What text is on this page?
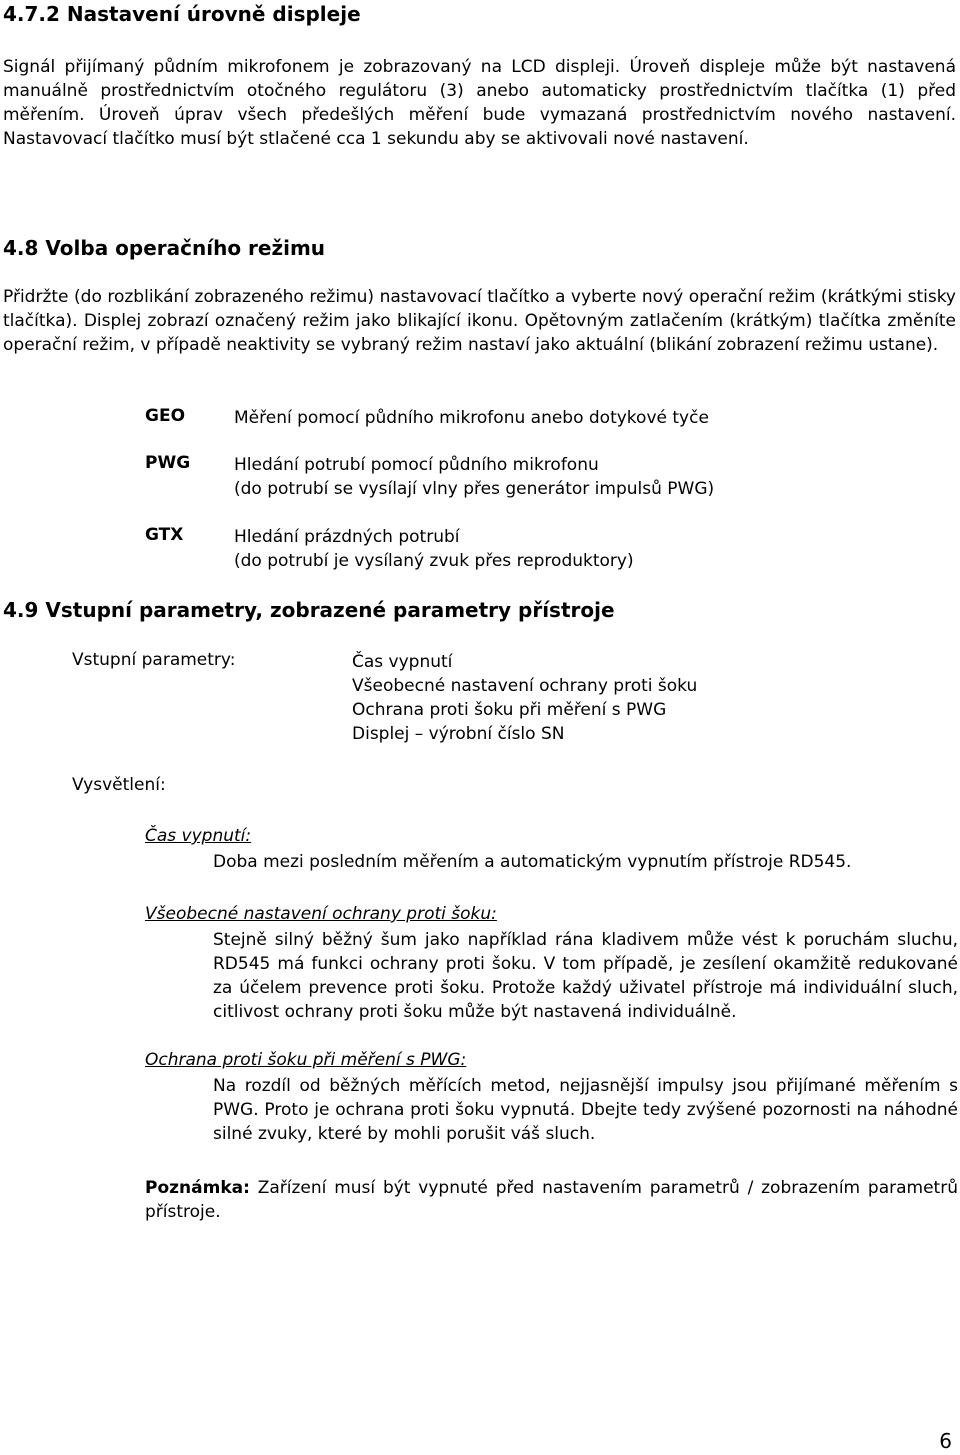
4.7.2 Nastavení úrovně displeje

Signál přijímaný půdním mikrofonem je zobrazovaný na LCD displeji. Úroveň displeje může být nastavená manuálně prostřednictvím otočného regulátoru (3) anebo automaticky prostřednictvím tlačítka (1) před měřením. Úroveň úprav všech předešlých měření bude vymazaná prostřednictvím nového nastavení. Nastavovací tlačítko musí být stlačené cca 1 sekundu aby se aktivovali nové nastavení.

4.8 Volba operačního režimu

Přidržte (do rozblikání zobrazeného režimu) nastavovací tlačítko a vyberte nový operační režim (krátkými stisky tlačítka). Displej zobrazí označený režim jako blikající ikonu. Opětovným zatlačením (krátkým) tlačítka změníte operační režim, v případě neaktivity se vybraný režim nastaví jako aktuální (blikání zobrazení režimu ustane).

GEO	Měření pomocí půdního mikrofonu anebo dotykové tyče
PWG	Hledání potrubí pomocí půdního mikrofonu
(do potrubí se vysílají vlny přes generátor impulsů PWG)
GTX	Hledání prázdných potrubí
(do potrubí je vysílaný zvuk přes reproduktory)
4.9 Vstupní parametry, zobrazené parametry přístroje
Vstupní parametry:	Čas vypnutí
Všeobecné nastavení ochrany proti šoku
Ochrana proti šoku při měření s PWG
Displej – výrobní číslo SN
Vysvětlení:
Čas vypnutí:

Doba mezi posledním měřením a automatickým vypnutím přístroje RD545.

Všeobecné nastavení ochrany proti šoku:

Stejně silný běžný šum jako například rána kladivem může vést k poruchám sluchu, RD545 má funkci ochrany proti šoku. V tom případě, je zesílení okamžitě redukované za účelem prevence proti šoku. Protože každý uživatel přístroje má individuální sluch, citlivost ochrany proti šoku může být nastavená individuálně.

Ochrana proti šoku při měření s PWG:

Na rozdíl od běžných měřících metod, nejjasnější impulsy jsou přijímané měřením s PWG. Proto je ochrana proti šoku vypnutá. Dbejte tedy zvýšené pozornosti na náhodné silné zvuky, které by mohli porušit váš sluch.

Poznámka: Zařízení musí být vypnuté před nastavením parametrů / zobrazením parametrů přístroje.

6
